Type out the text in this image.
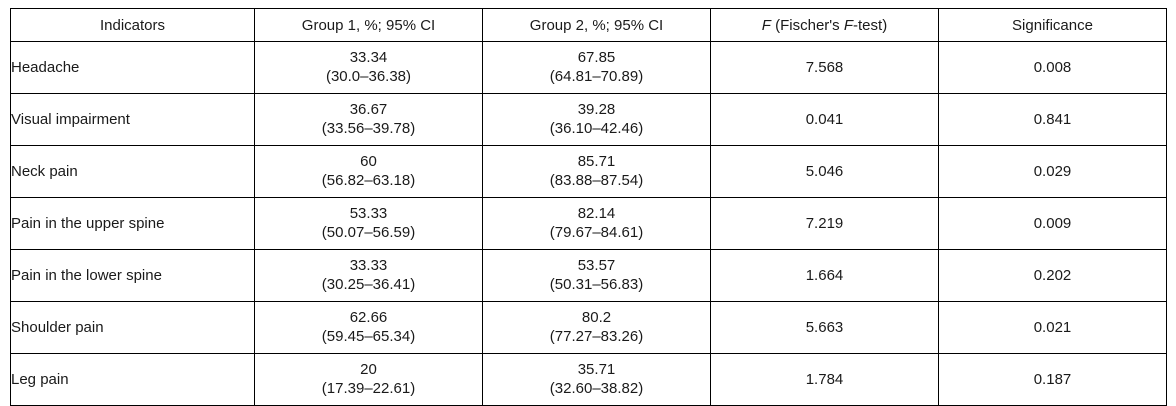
Indicators	Group 1, %; 95% CI	Group 2, %; 95% CI	F (Fischer's F-test)	Significance
Headache	33.34
(30.0–36.38)	67.85
(64.81–70.89)	7.568	0.008
Visual impairment	36.67
(33.56–39.78)	39.28
(36.10–42.46)	0.041	0.841
Neck pain	60
(56.82–63.18)	85.71
(83.88–87.54)	5.046	0.029
Pain in the upper spine	53.33
(50.07–56.59)	82.14
(79.67–84.61)	7.219	0.009
Pain in the lower spine	33.33
(30.25–36.41)	53.57
(50.31–56.83)	1.664	0.202
Shoulder pain	62.66
(59.45–65.34)	80.2
(77.27–83.26)	5.663	0.021
Leg pain	20
(17.39–22.61)	35.71
(32.60–38.82)	1.784	0.187
